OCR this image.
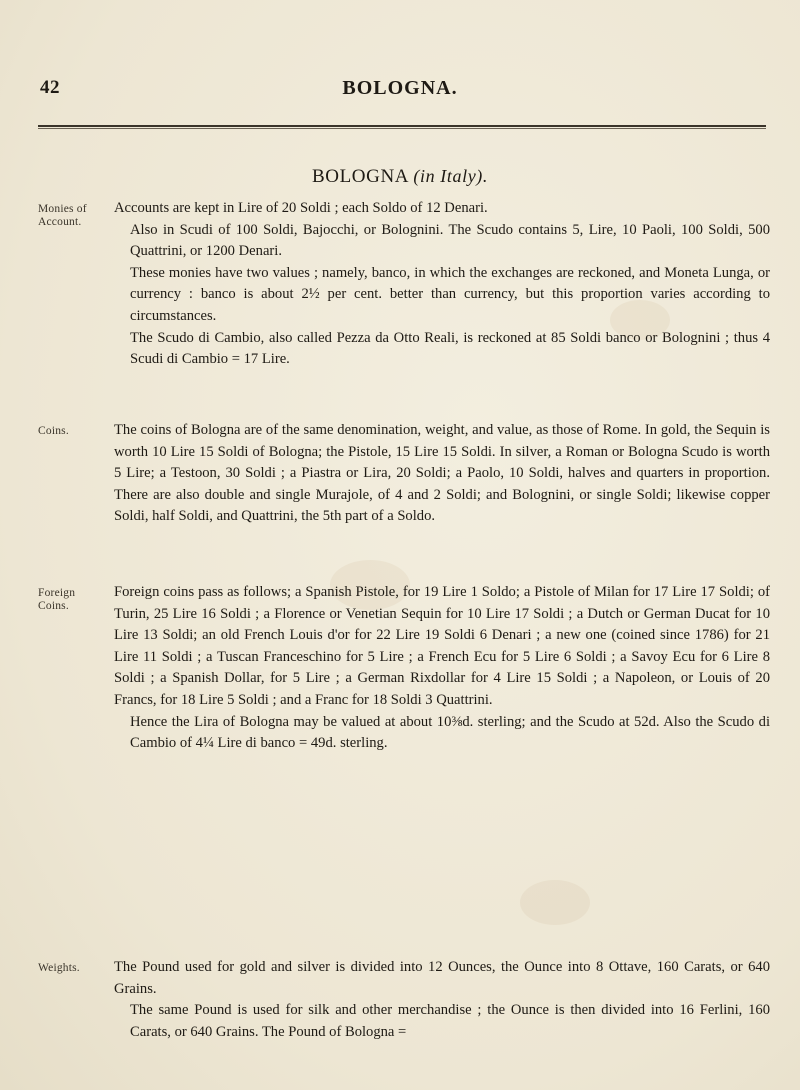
42	BOLOGNA.
BOLOGNA (in Italy).
Monies of Account.

Accounts are kept in Lire of 20 Soldi ; each Soldo of 12 Denari.

Also in Scudi of 100 Soldi, Bajocchi, or Bolognini. The Scudo contains 5, Lire, 10 Paoli, 100 Soldi, 500 Quattrini, or 1200 Denari.

These monies have two values ; namely, banco, in which the exchanges are reckoned, and Moneta Lunga, or currency : banco is about 2½ per cent. better than currency, but this proportion varies according to circumstances.

The Scudo di Cambio, also called Pezza da Otto Reali, is reckoned at 85 Soldi banco or Bolognini ; thus 4 Scudi di Cambio = 17 Lire.

Coins.	The coins of Bologna are of the same denomination, weight, and value, as those of Rome. In gold, the Sequin is worth 10 Lire 15 Soldi of Bologna; the Pistole, 15 Lire 15 Soldi. In silver, a Roman or Bologna Scudo is worth 5 Lire; a Testoon, 30 Soldi ; a Piastra or Lira, 20 Soldi; a Paolo, 10 Soldi, halves and quarters in proportion. There are also double and single Murajole, of 4 and 2 Soldi; and Bolognini, or single Soldi; likewise copper Soldi, half Soldi, and Quattrini, the 5th part of a Soldo.

Foreign Coins.

Foreign coins pass as follows; a Spanish Pistole, for 19 Lire 1 Soldo; a Pistole of Milan for 17 Lire 17 Soldi; of Turin, 25 Lire 16 Soldi ; a Florence or Venetian Sequin for 10 Lire 17 Soldi ; a Dutch or German Ducat for 10 Lire 13 Soldi; an old French Louis d'or for 22 Lire 19 Soldi 6 Denari ; a new one (coined since 1786) for 21 Lire 11 Soldi ; a Tuscan Franceschino for 5 Lire ; a French Ecu for 5 Lire 6 Soldi ; a Savoy Ecu for 6 Lire 8 Soldi ; a Spanish Dollar, for 5 Lire ; a German Rixdollar for 4 Lire 15 Soldi ; a Napoleon, or Louis of 20 Francs, for 18 Lire 5 Soldi ; and a Franc for 18 Soldi 3 Quattrini.

Hence the Lira of Bologna may be valued at about 10⅜d. sterling; and the Scudo at 52d. Also the Scudo di Cambio of 4¼ Lire di banco = 49d. sterling.

Weights.	The Pound used for gold and silver is divided into 12 Ounces, the Ounce into 8 Ottave, 160 Carats, or 640 Grains.

The same Pound is used for silk and other merchandise ; the Ounce is then divided into 16 Ferlini, 160 Carats, or 640 Grains. The Pound of Bologna =
